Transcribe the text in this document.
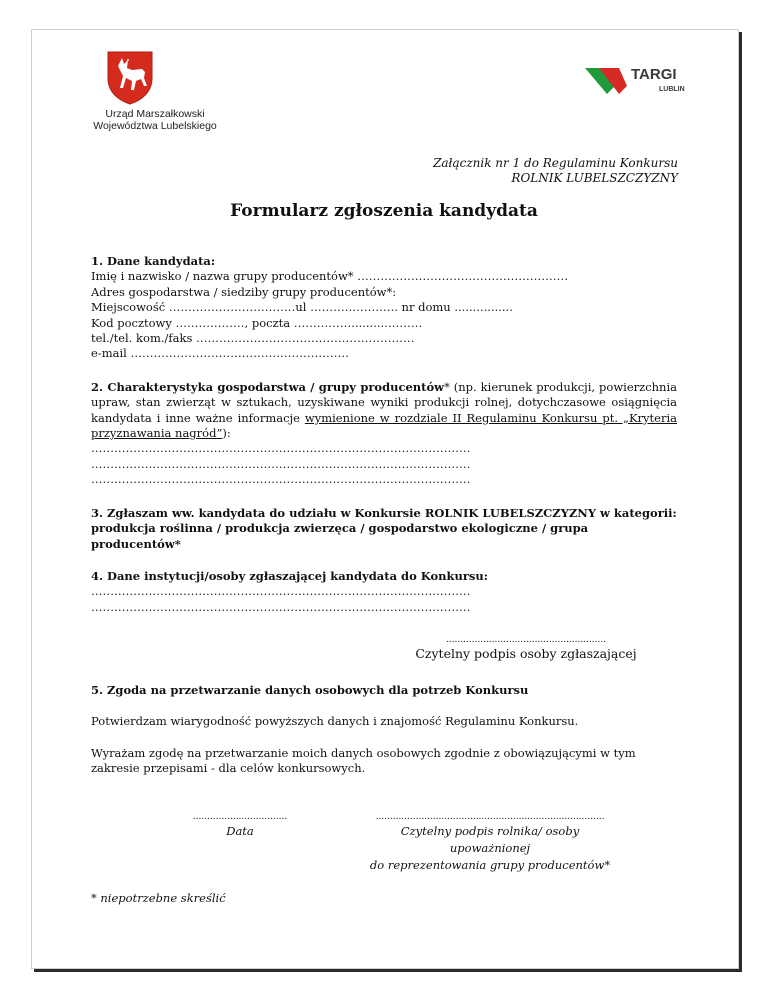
Urząd Marszałkowski
Województwa Lubelskiego
TARGI
LUBLIN
Załącznik nr 1 do Regulaminu Konkursu
ROLNIK LUBELSZCZYZNY
Formularz zgłoszenia kandydata

1. Dane kandydata:

Imię i nazwisko / nazwa grupy producentów* ……………………………………………….

Adres gospodarstwa / siedziby grupy producentów*:

Miejscowość ……………………………ul ………………….. nr domu ................

Kod pocztowy ………………, poczta ……………..........………

tel./tel. kom./faks …………………………………………………

e-mail …………………………………………………

2. Charakterystyka gospodarstwa / grupy producentów* (np. kierunek produkcji, powierzchnia upraw, stan zwierząt w sztukach, uzyskiwane wyniki produkcji rolnej, dotychczasowe osiągnięcia kandydata i inne ważne informacje wymienione w rozdziale II Regulaminu Konkursu pt. „Kryteria przyznawania nagród”):

………………………………………………………………………………………

………………………………………………………………………………………

………………………………………………………………………………………

3. Zgłaszam ww. kandydata do udziału w Konkursie ROLNIK LUBELSZCZYZNY w kategorii:

produkcja roślinna / produkcja zwierzęca / gospodarstwo ekologiczne / grupa producentów*

4. Dane instytucji/osoby zgłaszającej kandydata do Konkursu:

………………………………………………………………………………………

………………………………………………………………………………………

........................................................
Czytelny podpis osoby zgłaszającej

5. Zgoda na przetwarzanie danych osobowych dla potrzeb Konkursu

Potwierdzam wiarygodność powyższych danych i znajomość Regulaminu Konkursu.

Wyrażam zgodę na przetwarzanie moich danych osobowych zgodnie z obowiązującymi w tym zakresie przepisami - dla celów konkursowych.

.................................
Data
................................................................................
Czytelny podpis rolnika/ osoby upoważnionej
do reprezentowania grupy producentów*
* niepotrzebne skreślić
